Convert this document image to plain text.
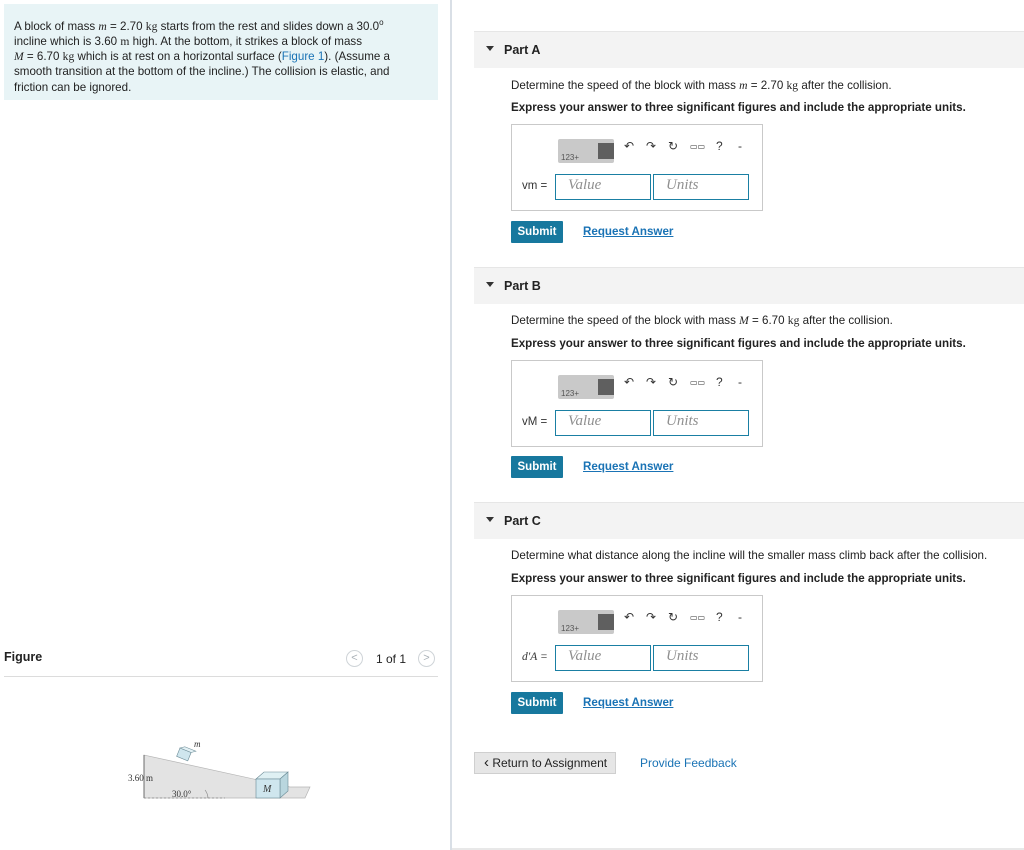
A block of mass m = 2.70 kg starts from the rest and slides down a 30.0$^o$
incline which is 3.60 m high. At the bottom, it strikes a block of mass
M = 6.70 kg which is at rest on a horizontal surface (Figure 1). (Assume a
smooth transition at the bottom of the incline.) The collision is elastic, and
friction can be ignored.
Figure	<	1 of 1	>
m
M
3.60 m
30.0°
Part A
Determine the speed of the block with mass m = 2.70 kg after the collision.
Express your answer to three significant figures and include the appropriate units.
123+
↶ ↷ ↻ ▭▭ ? -
vm =	Value	Units
Submit	Request Answer
Part B
Determine the speed of the block with mass M = 6.70 kg after the collision.
Express your answer to three significant figures and include the appropriate units.
123+
↶ ↷ ↻ ▭▭ ? -
vM =	Value	Units
Submit	Request Answer
Part C
Determine what distance along the incline will the smaller mass climb back after the collision.
Express your answer to three significant figures and include the appropriate units.
123+
↶ ↷ ↻ ▭▭ ? -
d′A =	Value	Units
Submit	Request Answer
‹ Return to Assignment	Provide Feedback
